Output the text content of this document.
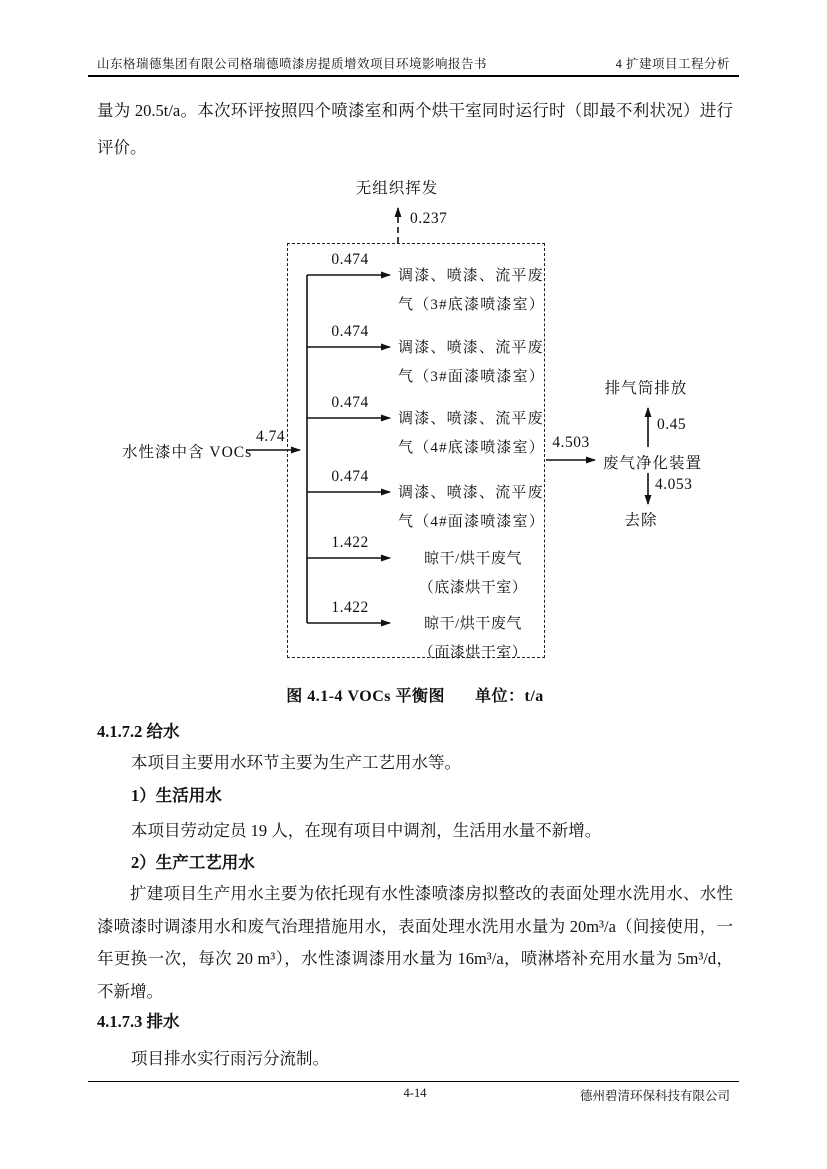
山东格瑞德集团有限公司格瑞德喷漆房提质增效项目环境影响报告书	4 扩建项目工程分析
量为 20.5t/a。本次环评按照四个喷漆室和两个烘干室同时运行时（即最不利状况）进行评价。
无组织挥发
0.237
水性漆中含 VOCs
4.74
0.474
0.474
0.474
0.474
1.422
1.422
调漆、喷漆、流平废
气（3#底漆喷漆室）
调漆、喷漆、流平废
气（3#面漆喷漆室）
调漆、喷漆、流平废
气（4#底漆喷漆室）
调漆、喷漆、流平废
气（4#面漆喷漆室）
晾干/烘干废气
（底漆烘干室）
晾干/烘干废气
（面漆烘干室）
4.503
废气净化装置
排气筒排放
0.45
4.053
去除
图 4.1-4 VOCs 平衡图 单位：t/a
4.1.7.2 给水
本项目主要用水环节主要为生产工艺用水等。
1）生活用水
本项目劳动定员 19 人，在现有项目中调剂，生活用水量不新增。
2）生产工艺用水
扩建项目生产用水主要为依托现有水性漆喷漆房拟整改的表面处理水洗用水、水性漆喷漆时调漆用水和废气治理措施用水，表面处理水洗用水量为 20m³/a（间接使用，一年更换一次，每次 20 m³），水性漆调漆用水量为 16m³/a，喷淋塔补充用水量为 5m³/d，不新增。
4.1.7.3 排水
项目排水实行雨污分流制。
4-14	德州碧清环保科技有限公司
